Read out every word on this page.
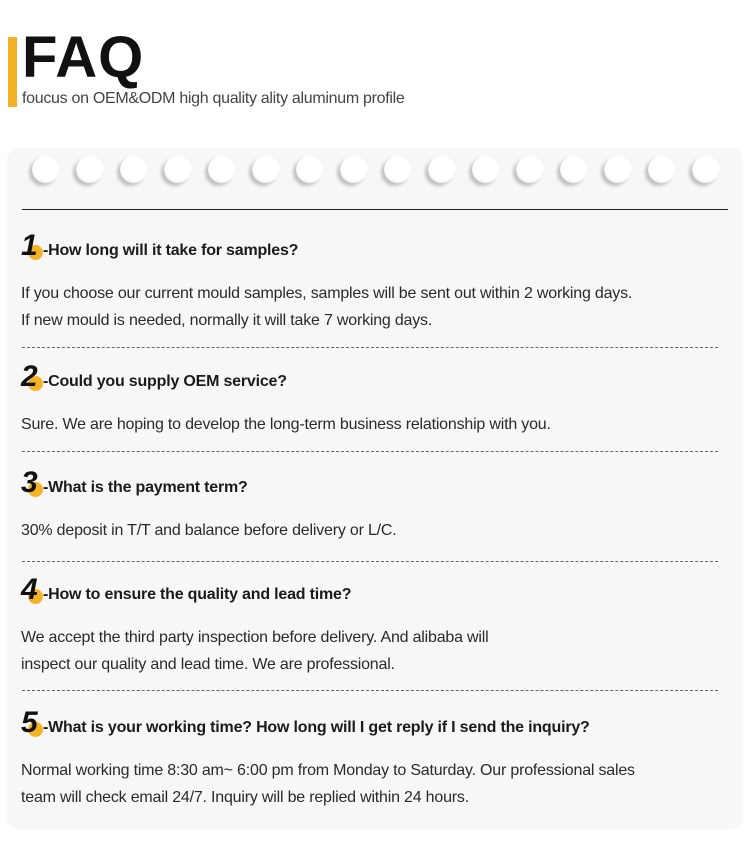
FAQ
foucus on OEM&ODM high quality ality aluminum profile
1 -How long will it take for samples?

If you choose our current mould samples, samples will be sent out within 2 working days.

If new mould is needed, normally it will take 7 working days.

2 -Could you supply OEM service?

Sure. We are hoping to develop the long-term business relationship with you.

3 -What is the payment term?

30% deposit in T/T and balance before delivery or L/C.

4 -How to ensure the quality and lead time?

We accept the third party inspection before delivery. And alibaba will

inspect our quality and lead time. We are professional.

5 -What is your working time? How long will I get reply if I send the inquiry?

Normal working time 8:30 am~ 6:00 pm from Monday to Saturday. Our professional sales

team will check email 24/7. Inquiry will be replied within 24 hours.
